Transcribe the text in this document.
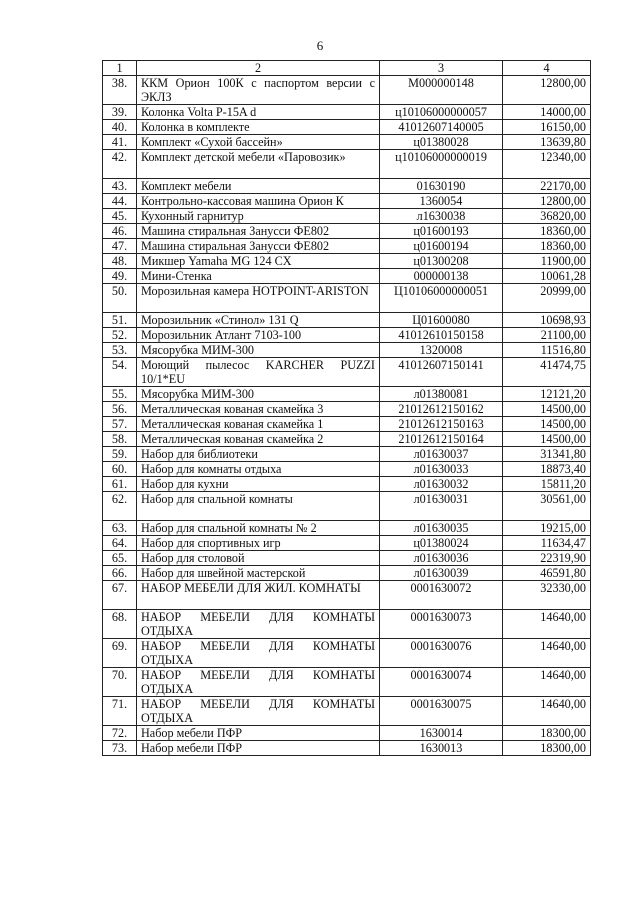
6
1	2	3	4
38.	ККМ Орион 100К с паспортом версии с ЭКЛЗ	М000000148	12800,00
39.	Колонка Volta P-15A d	ц10106000000057	14000,00
40.	Колонка в комплекте	41012607140005	16150,00
41.	Комплект «Сухой бассейн»	ц01380028	13639,80
42.	Комплект детской мебели «Паровозик»	ц10106000000019	12340,00
43.	Комплект мебели	01630190	22170,00
44.	Контрольно-кассовая машина Орион К	1360054	12800,00
45.	Кухонный гарнитур	л1630038	36820,00
46.	Машина стиральная Занусси ФЕ802	ц01600193	18360,00
47.	Машина стиральная Занусси ФЕ802	ц01600194	18360,00
48.	Микшер Yamaha MG 124 CX	ц01300208	11900,00
49.	Мини-Стенка	000000138	10061,28
50.	Морозильная камера HOTPOINT-ARISTON	Ц10106000000051	20999,00
51.	Морозильник «Стинол» 131 Q	Ц01600080	10698,93
52.	Морозильник Атлант 7103-100	41012610150158	21100,00
53.	Мясорубка МИМ-300	1320008	11516,80
54.	Моющий пылесос KARCHER PUZZI 10/1*EU	41012607150141	41474,75
55.	Мясорубка МИМ-300	л01380081	12121,20
56.	Металлическая кованая скамейка 3	21012612150162	14500,00
57.	Металлическая кованая скамейка 1	21012612150163	14500,00
58.	Металлическая кованая скамейка 2	21012612150164	14500,00
59.	Набор для библиотеки	л01630037	31341,80
60.	Набор для комнаты отдыха	л01630033	18873,40
61.	Набор для кухни	л01630032	15811,20
62.	Набор для спальной комнаты	л01630031	30561,00
63.	Набор для спальной комнаты № 2	л01630035	19215,00
64.	Набор для спортивных игр	ц01380024	11634,47
65.	Набор для столовой	л01630036	22319,90
66.	Набор для швейной мастерской	л01630039	46591,80
67.	НАБОР МЕБЕЛИ ДЛЯ ЖИЛ. КОМНАТЫ	0001630072	32330,00
68.	НАБОР МЕБЕЛИ ДЛЯ КОМНАТЫ ОТДЫХА	0001630073	14640,00
69.	НАБОР МЕБЕЛИ ДЛЯ КОМНАТЫ ОТДЫХА	0001630076	14640,00
70.	НАБОР МЕБЕЛИ ДЛЯ КОМНАТЫ ОТДЫХА	0001630074	14640,00
71.	НАБОР МЕБЕЛИ ДЛЯ КОМНАТЫ ОТДЫХА	0001630075	14640,00
72.	Набор мебели ПФР	1630014	18300,00
73.	Набор мебели ПФР	1630013	18300,00
